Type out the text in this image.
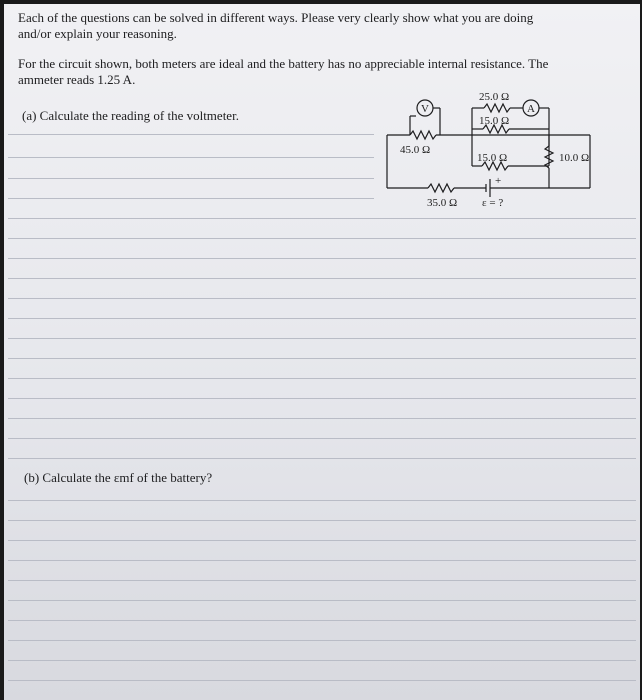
Each of the questions can be solved in different ways. Please very clearly show what you are doing
and/or explain your reasoning.
For the circuit shown, both meters are ideal and the battery has no appreciable internal resistance. The
ammeter reads 1.25 A.
(a) Calculate the reading of the voltmeter.
(b) Calculate the εmf of the battery?
V	A
25.0 Ω
15.0 Ω
45.0 Ω
15.0 Ω	10.0 Ω
35.0 Ω
+
ε = ?
